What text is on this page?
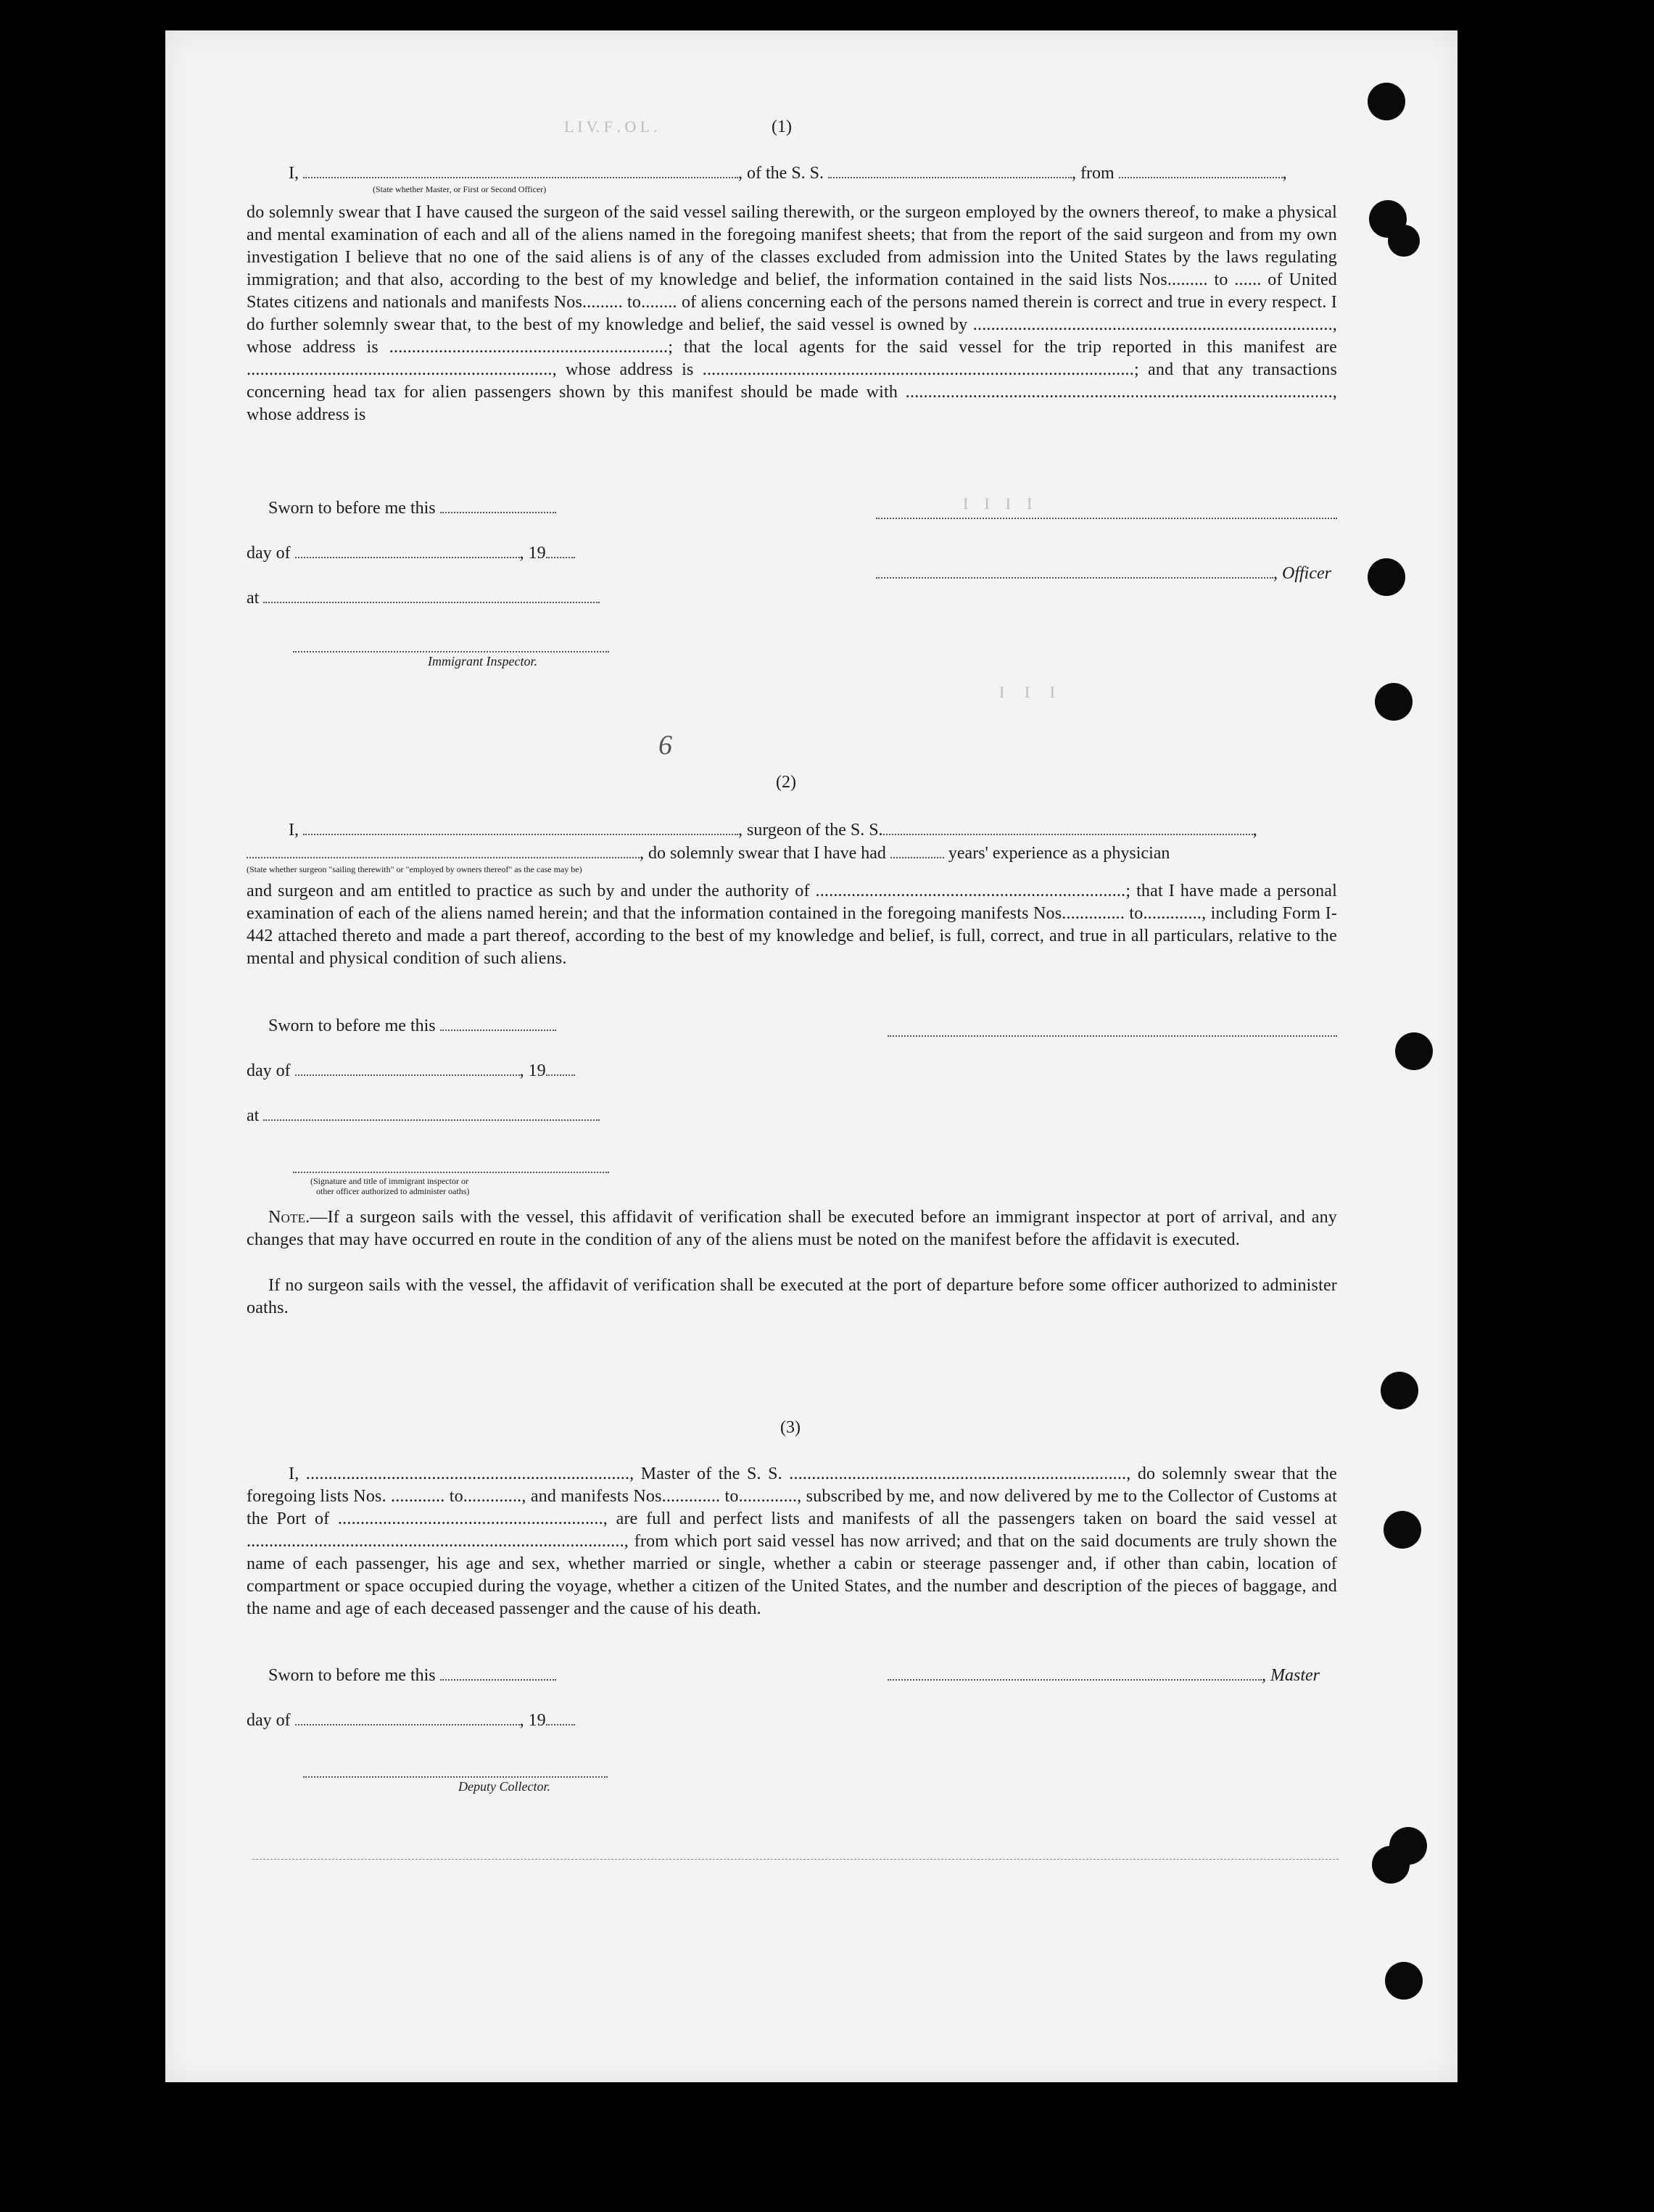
L I V. F . O L .
I    I    I    I
I     I     I
(1)
I,	, of the S. S.	, from	,
(State whether Master, or First or Second Officer)
do solemnly swear that I have caused the surgeon of the said vessel sailing therewith, or the surgeon employed by the owners thereof, to make a physical and mental examination of each and all of the aliens named in the foregoing manifest sheets; that from the report of the said surgeon and from my own investigation I believe that no one of the said aliens is of any of the classes excluded from admission into the United States by the laws regulating immigration; and that also, according to the best of my knowledge and belief, the information contained in the said lists Nos......... to ...... of United States citizens and nationals and manifests Nos......... to........ of aliens concerning each of the persons named therein is correct and true in every respect. I do further solemnly swear that, to the best of my knowledge and belief, the said vessel is owned by ................................................................................, whose address is ..............................................................; that the local agents for the said vessel for the trip reported in this manifest are ...................................................................., whose address is ................................................................................................; and that any transactions concerning head tax for alien passengers shown by this manifest should be made with ..............................................................................................., whose address is
Sworn to before me this
day of	, 19
, Officer
at
Immigrant Inspector.
6
(2)
I,	, surgeon of the S. S.	,
, do solemnly swear that I have had	years' experience as a physician
(State whether surgeon "sailing therewith" or "employed by owners thereof" as the case may be)
and surgeon and am entitled to practice as such by and under the authority of .....................................................................; that I have made a personal examination of each of the aliens named herein; and that the information contained in the foregoing manifests Nos.............. to............., including Form I-442 attached thereto and made a part thereof, according to the best of my knowledge and belief, is full, correct, and true in all particulars, relative to the mental and physical condition of such aliens.
Sworn to before me this
day of	, 19
at
(Signature and title of immigrant inspector or
other officer authorized to administer oaths)
Note.—If a surgeon sails with the vessel, this affidavit of verification shall be executed before an immigrant inspector at port of arrival, and any changes that may have occurred en route in the condition of any of the aliens must be noted on the manifest before the affidavit is executed.
If no surgeon sails with the vessel, the affidavit of verification shall be executed at the port of departure before some officer authorized to administer oaths.
(3)
I, ........................................................................, Master of the S. S. ..........................................................................., do solemnly swear that the foregoing lists Nos. ............ to............., and manifests Nos............. to............., subscribed by me, and now delivered by me to the Collector of Customs at the Port of ..........................................................., are full and perfect lists and manifests of all the passengers taken on board the said vessel at ...................................................................................., from which port said vessel has now arrived; and that on the said documents are truly shown the name of each passenger, his age and sex, whether married or single, whether a cabin or steerage passenger and, if other than cabin, location of compartment or space occupied during the voyage, whether a citizen of the United States, and the number and description of the pieces of baggage, and the name and age of each deceased passenger and the cause of his death.
Sworn to before me this	, Master
day of	, 19
Deputy Collector.
